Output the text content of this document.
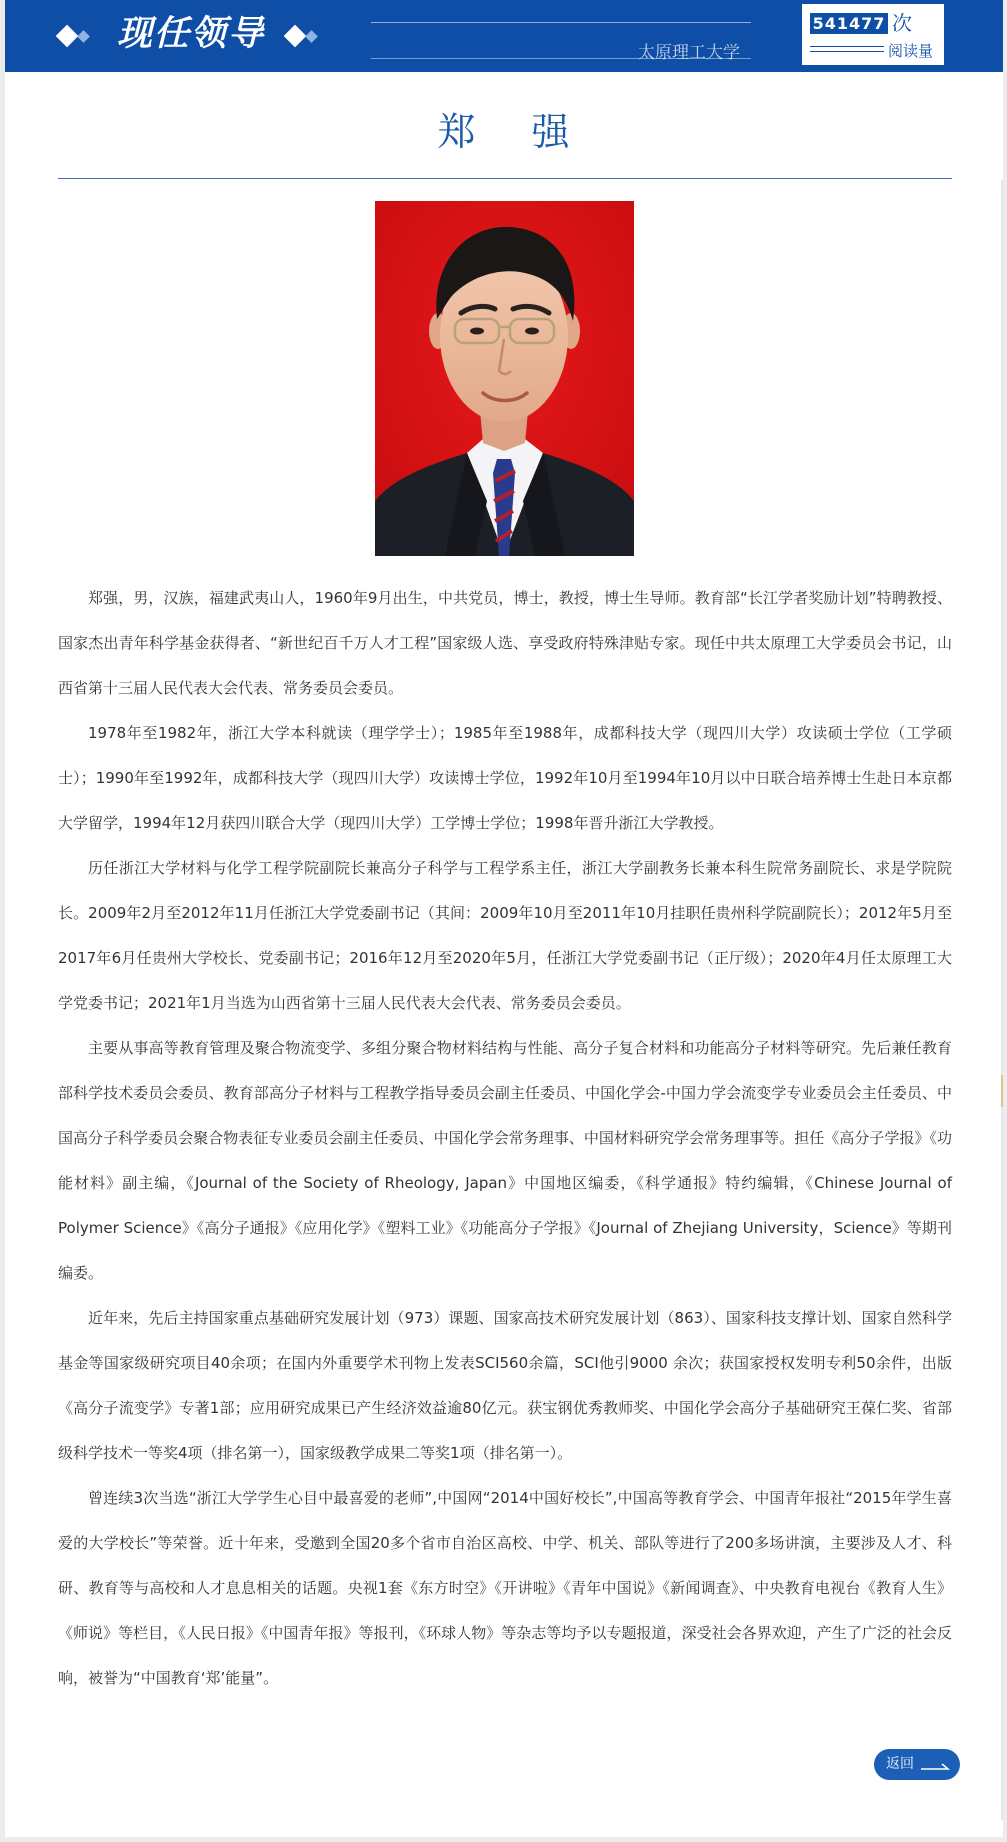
现任领导	太原理工大学
541477 次
阅读量
郑 强

郑强，男，汉族，福建武夷山人，1960年9月出生，中共党员，博士，教授，博士生导师。教育部“长江学者奖励计划”特聘教授、国家杰出青年科学基金获得者、“新世纪百千万人才工程”国家级人选、享受政府特殊津贴专家。现任中共太原理工大学委员会书记，山西省第十三届人民代表大会代表、常务委员会委员。

1978年至1982年，浙江大学本科就读（理学学士）；1985年至1988年，成都科技大学（现四川大学）攻读硕士学位（工学硕士）；1990年至1992年，成都科技大学（现四川大学）攻读博士学位，1992年10月至1994年10月以中日联合培养博士生赴日本京都大学留学，1994年12月获四川联合大学（现四川大学）工学博士学位；1998年晋升浙江大学教授。

历任浙江大学材料与化学工程学院副院长兼高分子科学与工程学系主任，浙江大学副教务长兼本科生院常务副院长、求是学院院长。2009年2月至2012年11月任浙江大学党委副书记（其间：2009年10月至2011年10月挂职任贵州科学院副院长）；2012年5月至2017年6月任贵州大学校长、党委副书记；2016年12月至2020年5月，任浙江大学党委副书记（正厅级）；2020年4月任太原理工大学党委书记；2021年1月当选为山西省第十三届人民代表大会代表、常务委员会委员。

主要从事高等教育管理及聚合物流变学、多组分聚合物材料结构与性能、高分子复合材料和功能高分子材料等研究。先后兼任教育部科学技术委员会委员、教育部高分子材料与工程教学指导委员会副主任委员、中国化学会-中国力学会流变学专业委员会主任委员、中国高分子科学委员会聚合物表征专业委员会副主任委员、中国化学会常务理事、中国材料研究学会常务理事等。担任《高分子学报》《功能材料》副主编，《Journal of the Society of Rheology, Japan》中国地区编委，《科学通报》特约编辑，《Chinese Journal of Polymer Science》《高分子通报》《应用化学》《塑料工业》《功能高分子学报》《Journal of Zhejiang University，Science》等期刊编委。

近年来，先后主持国家重点基础研究发展计划（973）课题、国家高技术研究发展计划（863）、国家科技支撑计划、国家自然科学基金等国家级研究项目40余项；在国内外重要学术刊物上发表SCI560余篇，SCI他引9000 余次；获国家授权发明专利50余件，出版《高分子流变学》专著1部；应用研究成果已产生经济效益逾80亿元。获宝钢优秀教师奖、中国化学会高分子基础研究王葆仁奖、省部级科学技术一等奖4项（排名第一），国家级教学成果二等奖1项（排名第一）。

曾连续3次当选“浙江大学学生心目中最喜爱的老师”,中国网“2014中国好校长”,中国高等教育学会、中国青年报社“2015年学生喜爱的大学校长”等荣誉。近十年来，受邀到全国20多个省市自治区高校、中学、机关、部队等进行了200多场讲演，主要涉及人才、科研、教育等与高校和人才息息相关的话题。央视1套《东方时空》《开讲啦》《青年中国说》《新闻调查》、中央教育电视台《教育人生》《师说》等栏目，《人民日报》《中国青年报》等报刊，《环球人物》等杂志等均予以专题报道，深受社会各界欢迎，产生了广泛的社会反响，被誉为“中国教育‘郑’能量”。

返回
